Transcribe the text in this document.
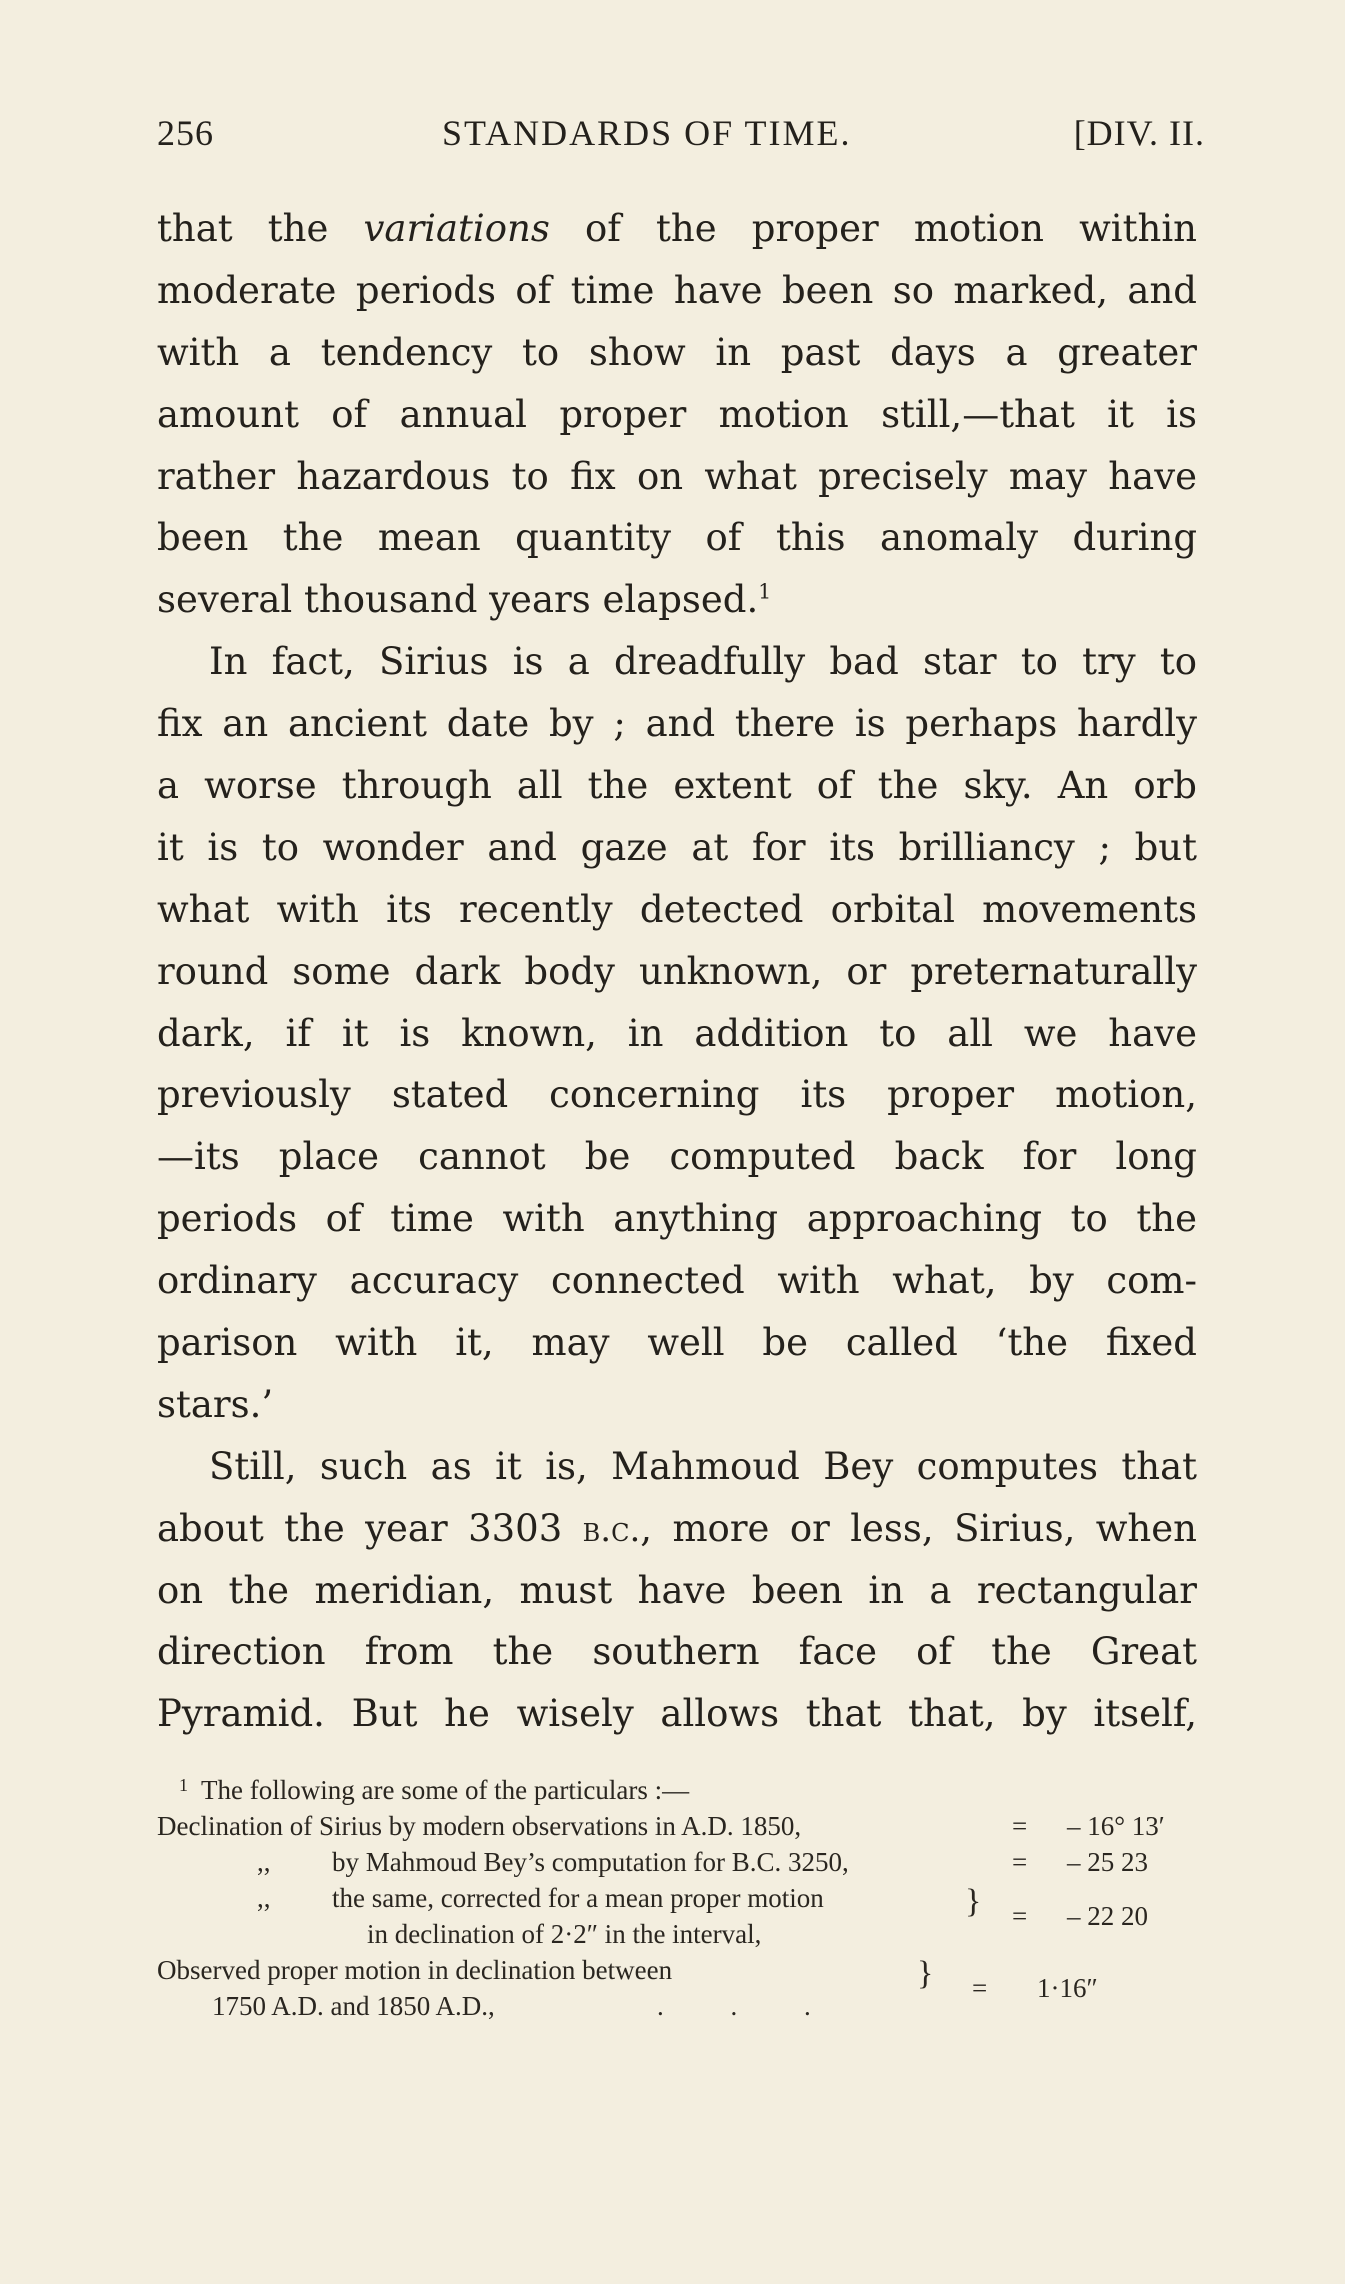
256	STANDARDS OF TIME.	[DIV. II.
that the variations of the proper motion within
moderate periods of time have been so marked, and
with a tendency to show in past days a greater
amount of annual proper motion still,—that it is
rather hazardous to fix on what precisely may have
been the mean quantity of this anomaly during
several thousand years elapsed.$^1$
In fact, Sirius is a dreadfully bad star to try to
fix an ancient date by ; and there is perhaps hardly
a worse through all the extent of the sky. An orb
it is to wonder and gaze at for its brilliancy ; but
what with its recently detected orbital movements
round some dark body unknown, or preternaturally
dark, if it is known, in addition to all we have
previously stated concerning its proper motion,
—its place cannot be computed back for long
periods of time with anything approaching to the
ordinary accuracy connected with what, by com-
parison with it, may well be called ‘the fixed
stars.’
Still, such as it is, Mahmoud Bey computes that
about the year 3303 b.c., more or less, Sirius, when
on the meridian, must have been in a rectangular
direction from the southern face of the Great
Pyramid. But he wisely allows that that, by itself,
$^1$ The following are some of the particulars :—
Declination of Sirius by modern observations in A.D. 1850,	= – 16° 13′
,, by Mahmoud Bey’s computation for B.C. 3250,	= – 25 23
,, the same, corrected for a mean proper motion
in declination of 2·2″ in the interval,
} = – 22 20
Observed proper motion in declination between
1750 A.D. and 1850 A.D.,	. . .
} = 1·16″
